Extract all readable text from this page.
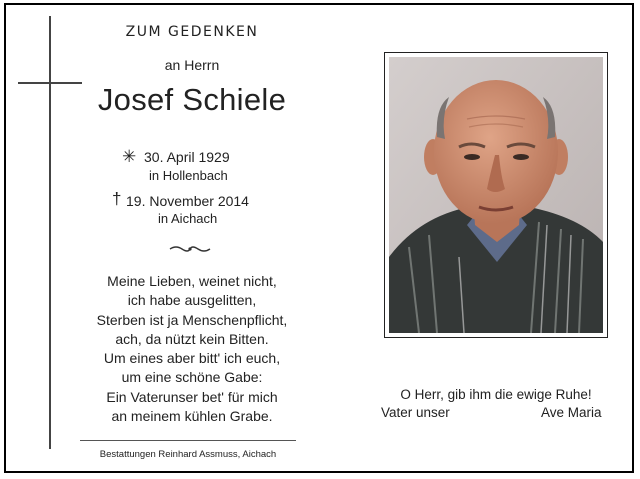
ZUM GEDENKEN
an Herrn
Josef Schiele
✳ 30. April 1929
in Hollenbach
† 19. November 2014
in Aichach
Meine Lieben, weinet nicht,
ich habe ausgelitten,
Sterben ist ja Menschenpflicht,
ach, da nützt kein Bitten.
Um eines aber bitt' ich euch,
um eine schöne Gabe:
Ein Vaterunser bet' für mich
an meinem kühlen Grabe.
Bestattungen Reinhard Assmuss, Aichach
O Herr, gib ihm die ewige Ruhe!
Vater unser	Ave Maria
